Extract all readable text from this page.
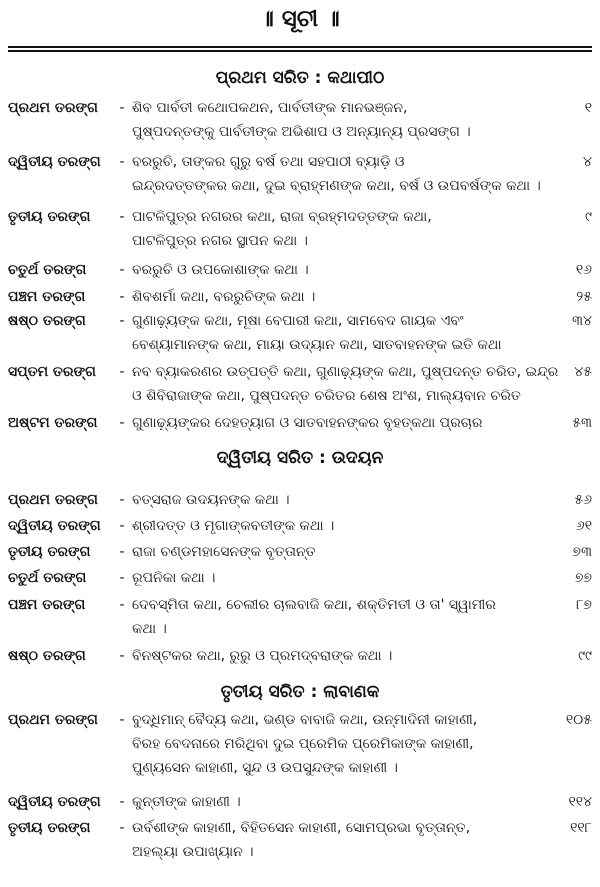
॥ ସୂଚୀ ॥
ପ୍ରଥମ ସରିତ : କଥାପୀଠ
ପ୍ରଥମ ତରଙ୍ଗ	- ଶିବ ପାର୍ବତୀ କଥୋପକଥନ, ପାର୍ବତୀଙ୍କ ମାନଭଞ୍ଜନ,
ପୁଷ୍ପଦନ୍ତଙ୍କୁ ପାର୍ବତୀଙ୍କ ଅଭିଶାପ ଓ ଅନ୍ୟାନ୍ୟ ପ୍ରସଙ୍ଗ ।
୧
ଦ୍ୱିତୀୟ ତରଙ୍ଗ	- ବରରୁଚି, ତାଙ୍କର ଗୁରୁ ବର୍ଷ ତଥା ସହପାଠୀ ବ୍ୟାଡ଼ି ଓ
ଇନ୍ଦ୍ରଦତ୍ତଙ୍କର କଥା, ଦୁଇ ବ୍ରାହ୍ମଣଙ୍କ କଥା, ବର୍ଷ ଓ ଉପବର୍ଷଙ୍କ କଥା ।
୪
ତୃତୀୟ ତରଙ୍ଗ	- ପାଟଳିପୁତ୍ର ନଗରର କଥା, ରାଜା ବ୍ରହ୍ମଦତ୍ତଙ୍କ କଥା,
ପାଟଳିପୁତ୍ର ନଗର ସ୍ଥାପନ କଥା ।
୯
ଚତୁର୍ଥ ତରଙ୍ଗ	- ବରରୁଚି ଓ ଉପକୋଶାଙ୍କ କଥା ।	୧୬
ପଞ୍ଚମ ତରଙ୍ଗ	- ଶିବଶର୍ମା କଥା, ବରରୁଚିଙ୍କ କଥା ।	୨୫
ଷଷ୍ଠ ତରଙ୍ଗ	- ଗୁଣାଢ଼୍ୟଙ୍କ କଥା, ମୂଷା ବେପାରୀ କଥା, ସାମବେଦ ଗାୟକ ଏବଂ
ବେଶ୍ୟାମାନଙ୍କ କଥା, ମାୟା ଉଦ୍ୟାନ କଥା, ସାତବାହନଙ୍କ ଇତି କଥା
୩୪
ସପ୍ତମ ତରଙ୍ଗ	- ନବ ବ୍ୟାକରଣର ଉତ୍ପତ୍ତି କଥା, ଗୁଣାଢ଼୍ୟଙ୍କ କଥା, ପୁଷ୍ପଦନ୍ତ ଚରିତ, ଇନ୍ଦ୍ର
ଓ ଶିବିରାଜାଙ୍କ କଥା, ପୁଷ୍ପଦନ୍ତ ଚରିତର ଶେଷ ଅଂଶ, ମାଲ୍ୟବାନ ଚରିତ
୪୫
ଅଷ୍ଟମ ତରଙ୍ଗ	- ଗୁଣାଢ଼୍ୟଙ୍କର ଦେହତ୍ୟାଗ ଓ ସାତବାହନଙ୍କର ବୃହତ୍‌କଥା ପ୍ରଚାର	୫୩
ଦ୍ୱିତୀୟ ସରିତ : ଉଦୟନ
ପ୍ରଥମ ତରଙ୍ଗ	- ବତ୍ସରାଜ ଉଦୟନଙ୍କ କଥା ।	୫୬
ଦ୍ୱିତୀୟ ତରଙ୍ଗ	- ଶ୍ରୀଦତ୍ତ ଓ ମୃଗାଙ୍କବତୀଙ୍କ କଥା ।	୬୧
ତୃତୀୟ ତରଙ୍ଗ	- ରାଜା ଚଣ୍ଡମହାସେନଙ୍କ ବୃତ୍ତାନ୍ତ	୭୩
ଚତୁର୍ଥ ତରଙ୍ଗ	- ରୂପନିକା କଥା ।	୭୭
ପଞ୍ଚମ ତରଙ୍ଗ	- ଦେବସ୍ମିତା କଥା, ଚେଲୀର ଚାଲବାଜି କଥା, ଶକ୍ତିମତୀ ଓ ତା' ସ୍ୱାମୀର
କଥା ।
୮୭
ଷଷ୍ଠ ତରଙ୍ଗ	- ବିନଷ୍ଟକର କଥା, ରୁରୁ ଓ ପ୍ରମଦ୍‌ବରାଙ୍କ କଥା ।	୯୯
ତୃତୀୟ ସରିତ : ଲାବାଣକ
ପ୍ରଥମ ତରଙ୍ଗ	- ବୁଦ୍ଧିମାନ୍ ବୈଦ୍ୟ କଥା, ଭଣ୍ଡ ବାବାଜି କଥା, ଉନ୍ମାଦିନୀ କାହାଣୀ,
ବିରହ ବେଦନାରେ ମରିଥିବା ଦୁଇ ପ୍ରେମିକ ପ୍ରେମିକାଙ୍କ କାହାଣୀ,
ପୁଣ୍ୟସେନ କାହାଣୀ, ସୁନ୍ଦ ଓ ଉପସୁନ୍ଦଙ୍କ କାହାଣୀ ।
୧୦୫
ଦ୍ୱିତୀୟ ତରଙ୍ଗ	- କୁନ୍ତୀଙ୍କ କାହାଣୀ ।	୧୧୪
ତୃତୀୟ ତରଙ୍ଗ	- ଉର୍ବଶୀଙ୍କ କାହାଣୀ, ବିହିତସେନ କାହାଣୀ, ସୋମପ୍ରଭା ବୃତ୍ତାନ୍ତ,
ଅହଲ୍ୟା ଉପାଖ୍ୟାନ ।
୧୧୮
